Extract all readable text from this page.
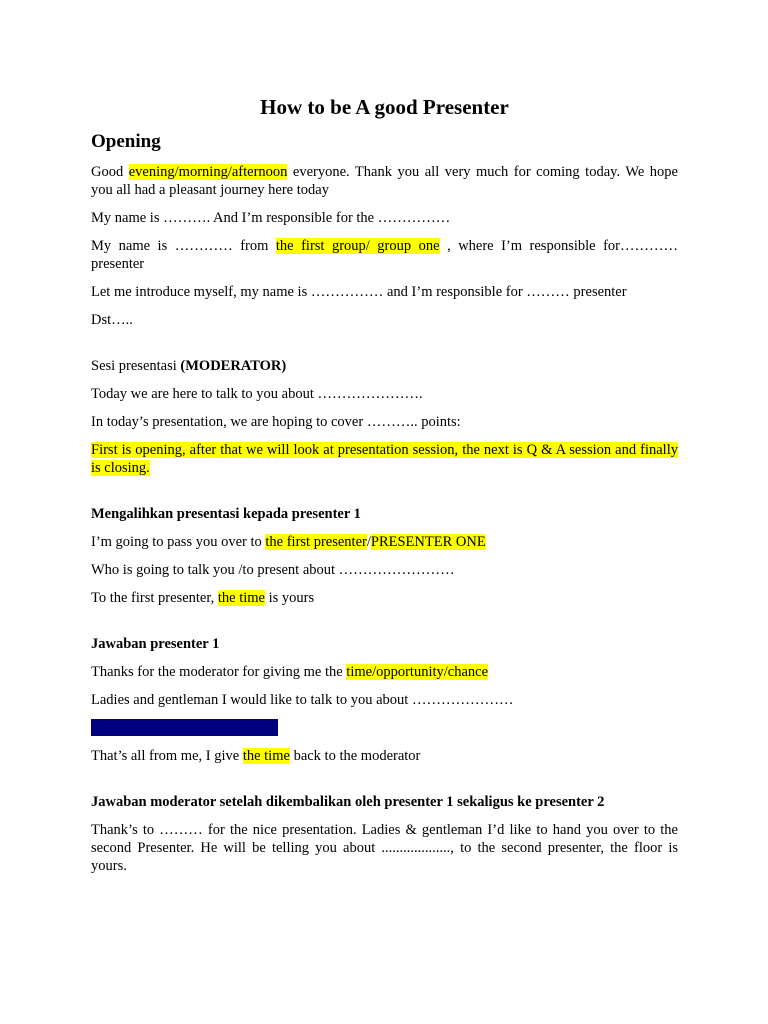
How to be A good Presenter
Opening

Good evening/morning/afternoon everyone. Thank you all very much for coming today. We hope you all had a pleasant journey here today

My name is ………. And I’m responsible for the ……………

My name is ………… from the first group/ group one , where I’m responsible for………… presenter

Let me introduce myself, my name is …………… and I’m responsible for ……… presenter

Dst…..

Sesi presentasi (MODERATOR)

Today we are here to talk to you about ………………….

In today’s presentation, we are hoping to cover ……….. points:

First is opening, after that we will look at presentation session, the next is Q & A session and finally is closing.

Mengalihkan presentasi kepada presenter 1

I’m going to pass you over to the first presenter/PRESENTER ONE

Who is going to talk you /to present about ……………………

To the first presenter, the time is yours

Jawaban presenter 1

Thanks for the moderator for giving me the time/opportunity/chance

Ladies and gentleman I would like to talk to you about …………………

That’s all from me, I give the time back to the moderator

Jawaban moderator setelah dikembalikan oleh presenter 1 sekaligus ke presenter 2

Thank’s to ……… for the nice presentation. Ladies & gentleman I’d like to hand you over to the second Presenter. He will be telling you about ..................., to the second presenter, the floor is yours.
